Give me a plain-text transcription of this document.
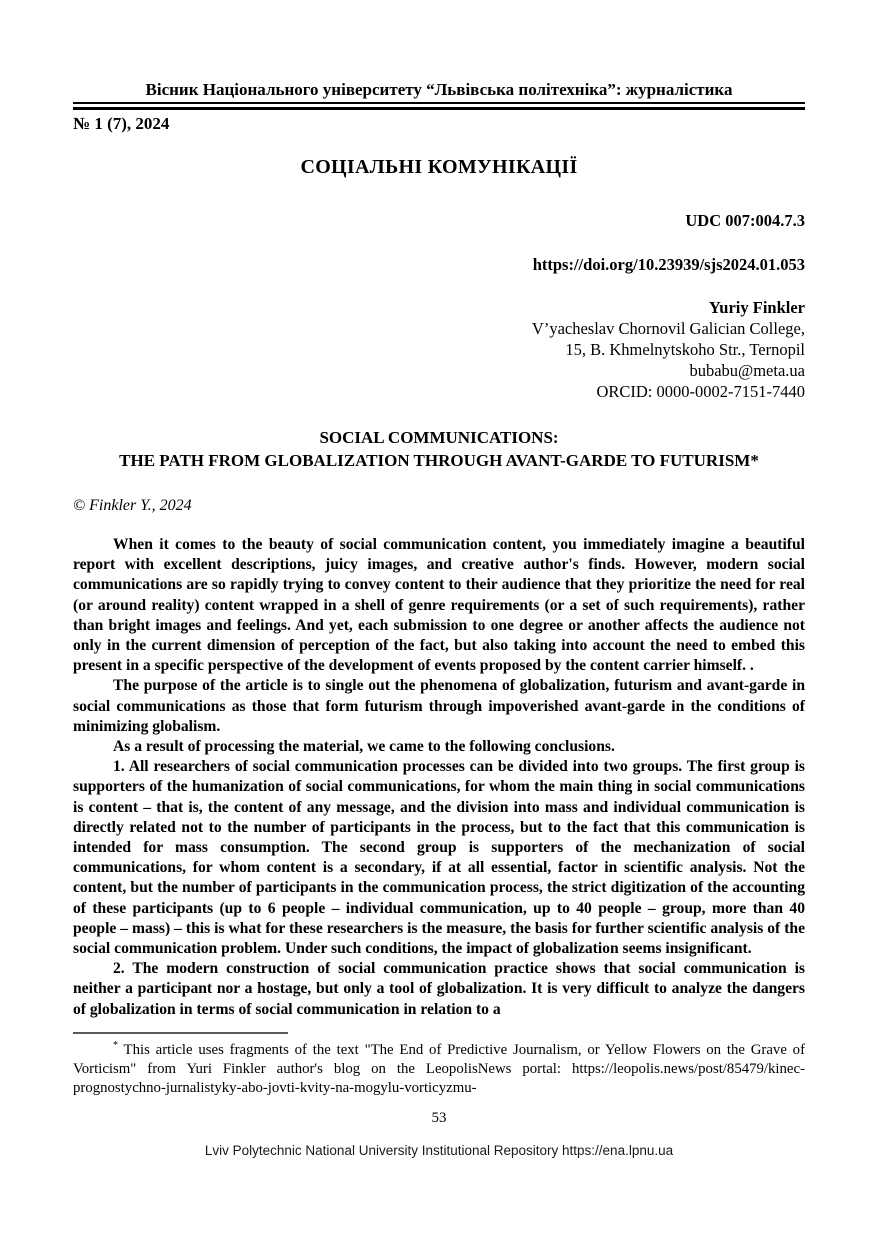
Вісник Національного університету “Львівська політехніка”: журналістика
№ 1 (7), 2024
СОЦІАЛЬНІ КОМУНІКАЦІЇ
UDC 007:004.7.3
https://doi.org/10.23939/sjs2024.01.053
Yuriy Finkler
V’yacheslav Chornovil Galician College,
15, B. Khmelnytskoho Str., Ternopil
bubabu@meta.ua
ORCID: 0000-0002-7151-7440
SOCIAL COMMUNICATIONS:
THE PATH FROM GLOBALIZATION THROUGH AVANT-GARDE TO FUTURISM*
© Finkler Y., 2024

When it comes to the beauty of social communication content, you immediately imagine a beautiful report with excellent descriptions, juicy images, and creative author's finds. However, modern social communications are so rapidly trying to convey content to their audience that they prioritize the need for real (or around reality) content wrapped in a shell of genre requirements (or a set of such requirements), rather than bright images and feelings. And yet, each submission to one degree or another affects the audience not only in the current dimension of perception of the fact, but also taking into account the need to embed this present in a specific perspective of the development of events proposed by the content carrier himself. .

The purpose of the article is to single out the phenomena of globalization, futurism and avant-garde in social communications as those that form futurism through impoverished avant-garde in the conditions of minimizing globalism.

As a result of processing the material, we came to the following conclusions.

1. All researchers of social communication processes can be divided into two groups. The first group is supporters of the humanization of social communications, for whom the main thing in social communications is content – that is, the content of any message, and the division into mass and individual communication is directly related not to the number of participants in the process, but to the fact that this communication is intended for mass consumption. The second group is supporters of the mechanization of social communications, for whom content is a secondary, if at all essential, factor in scientific analysis. Not the content, but the number of participants in the communication process, the strict digitization of the accounting of these participants (up to 6 people – individual communication, up to 40 people – group, more than 40 people – mass) – this is what for these researchers is the measure, the basis for further scientific analysis of the social communication problem. Under such conditions, the impact of globalization seems insignificant.

2. The modern construction of social communication practice shows that social communication is neither a participant nor a hostage, but only a tool of globalization. It is very difficult to analyze the dangers of globalization in terms of social communication in relation to a

* This article uses fragments of the text "The End of Predictive Journalism, or Yellow Flowers on the Grave of Vorticism" from Yuri Finkler author's blog on the LeopolisNews portal: https://leopolis.news/post/85479/kinec-prognostychno-jurnalistyky-abo-jovti-kvity-na-mogylu-vorticyzmu-

53
Lviv Polytechnic National University Institutional Repository https://ena.lpnu.ua
